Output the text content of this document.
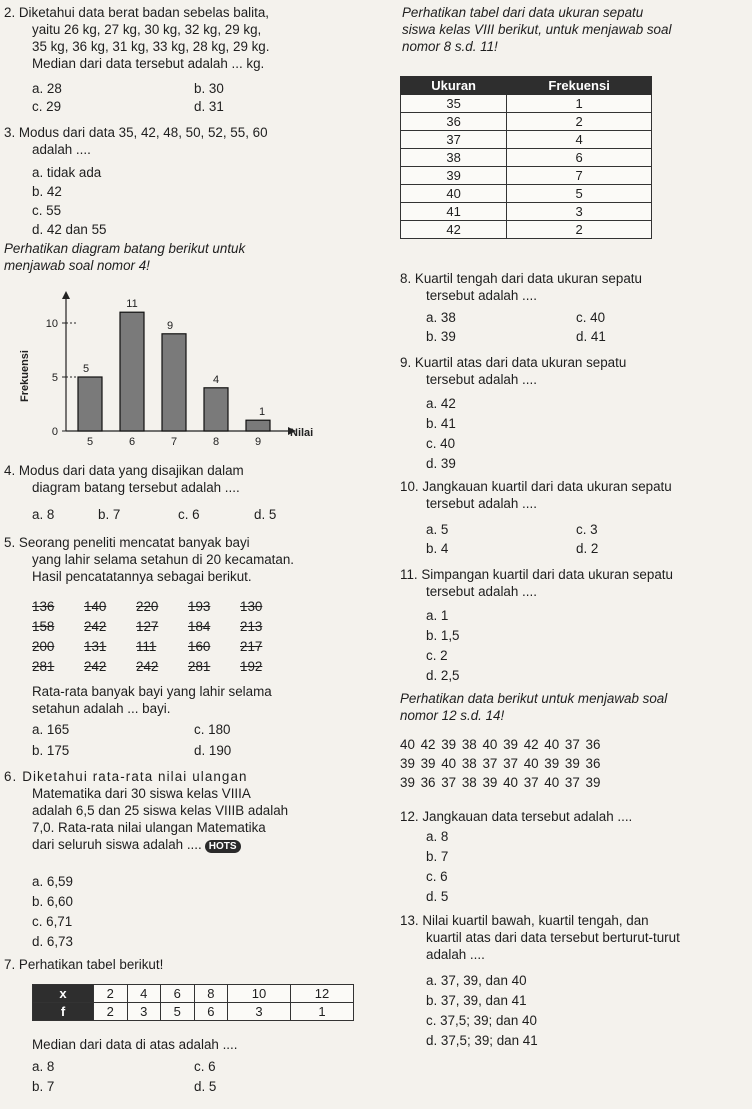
2. Diketahui data berat badan sebelas balita,
yaitu 26 kg, 27 kg, 30 kg, 32 kg, 29 kg,
35 kg, 36 kg, 31 kg, 33 kg, 28 kg, 29 kg.
Median dari data tersebut adalah ... kg.
a. 28	b. 30
c. 29	d. 31
3. Modus dari data 35, 42, 48, 50, 52, 55, 60
adalah ....
a. tidak ada
b. 42
c. 55
d. 42 dan 55
Perhatikan diagram batang berikut untuk
menjawab soal nomor 4!
0
5
10
Frekuensi	5
5
11
6
9
7
4
8
1
9
Nilai
4. Modus dari data yang disajikan dalam
diagram batang tersebut adalah ....
a. 8	b. 7	c. 6	d. 5
5. Seorang peneliti mencatat banyak bayi
yang lahir selama setahun di 20 kecamatan.
Hasil pencatatannya sebagai berikut.
136 140 220 193 130
158 242 127 184 213
200 131 111 160 217
281 242 242 281 192
Rata-rata banyak bayi yang lahir selama
setahun adalah ... bayi.
a. 165	c. 180
b. 175	d. 190
6. Diketahui rata-rata nilai ulangan
Matematika dari 30 siswa kelas VIIIA
adalah 6,5 dan 25 siswa kelas VIIIB adalah
7,0. Rata-rata nilai ulangan Matematika
dari seluruh siswa adalah .... HOTS
a. 6,59
b. 6,60
c. 6,71
d. 6,73
7. Perhatikan tabel berikut!
x	2	4	6	8	10	12
f	2	3	5	6	3	1
Median dari data di atas adalah ....
a. 8	c. 6
b. 7	d. 5
Perhatikan tabel dari data ukuran sepatu
siswa kelas VIII berikut, untuk menjawab soal
nomor 8 s.d. 11!
Ukuran	Frekuensi
35	1
36	2
37	4
38	6
39	7
40	5
41	3
42	2
8. Kuartil tengah dari data ukuran sepatu
tersebut adalah ....
a. 38	c. 40
b. 39	d. 41
9. Kuartil atas dari data ukuran sepatu
tersebut adalah ....
a. 42
b. 41
c. 40
d. 39
10. Jangkauan kuartil dari data ukuran sepatu
tersebut adalah ....
a. 5	c. 3
b. 4	d. 2
11. Simpangan kuartil dari data ukuran sepatu
tersebut adalah ....
a. 1
b. 1,5
c. 2
d. 2,5
Perhatikan data berikut untuk menjawab soal
nomor 12 s.d. 14!
40 42 39 38 40 39 42 40 37 36
39 39 40 38 37 37 40 39 39 36
39 36 37 38 39 40 37 40 37 39
12. Jangkauan data tersebut adalah ....
a. 8
b. 7
c. 6
d. 5
13. Nilai kuartil bawah, kuartil tengah, dan
kuartil atas dari data tersebut berturut-turut
adalah ....
a. 37, 39, dan 40
b. 37, 39, dan 41
c. 37,5; 39; dan 40
d. 37,5; 39; dan 41
